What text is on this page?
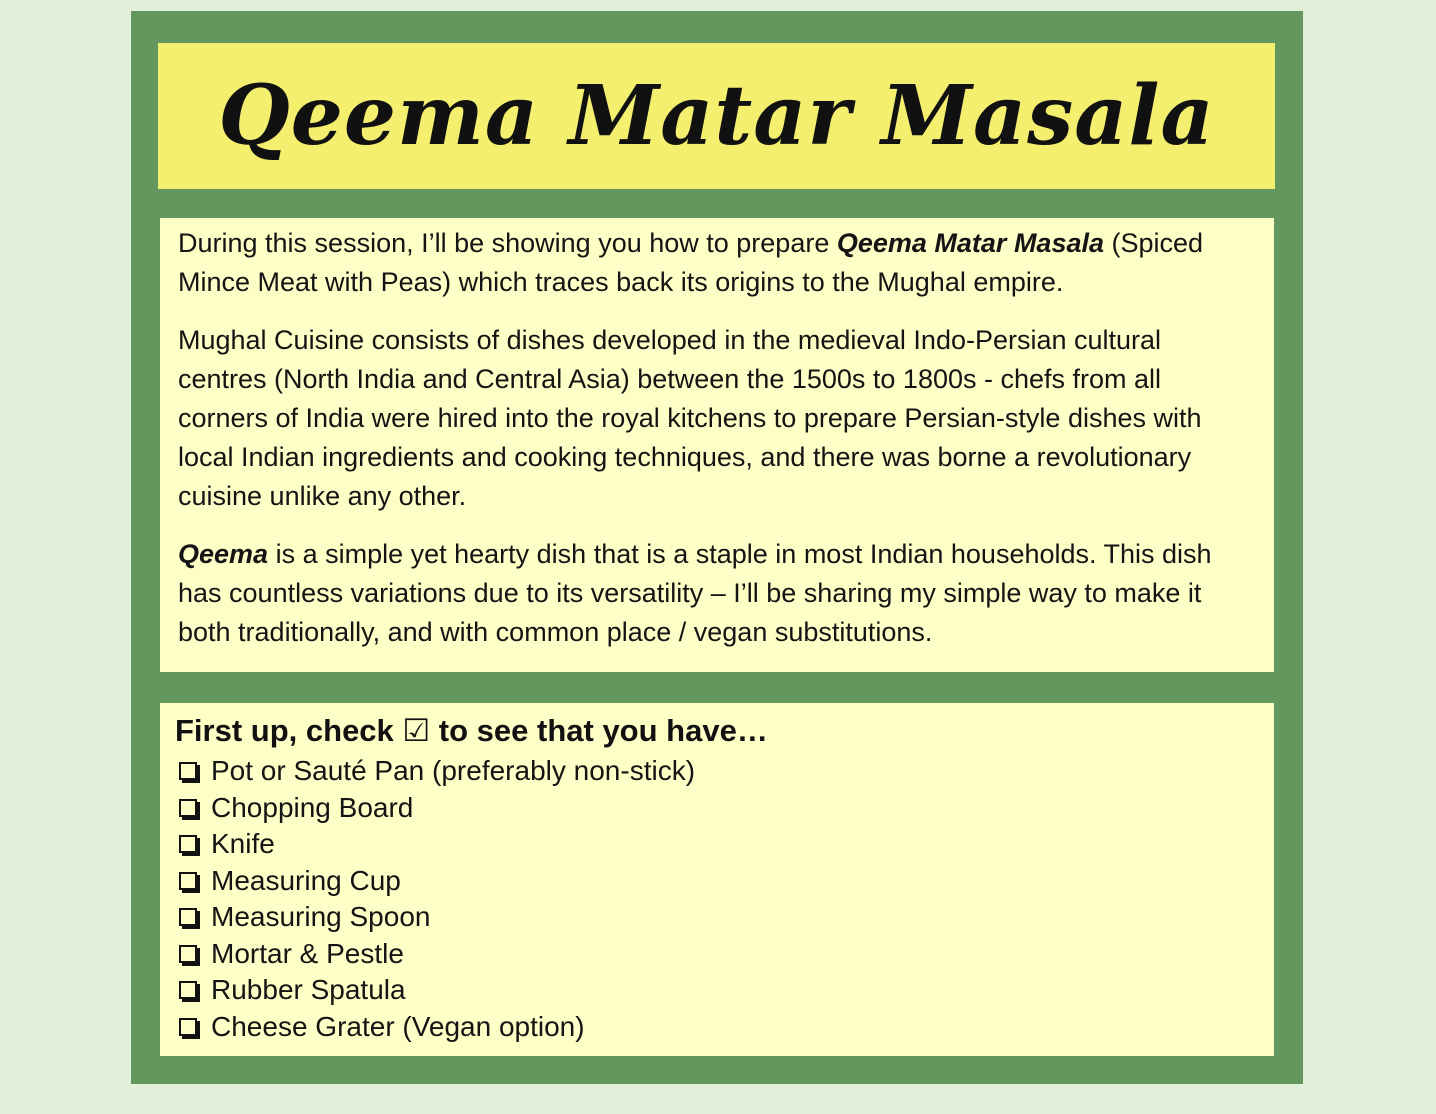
Qeema Matar Masala

During this session, I’ll be showing you how to prepare Qeema Matar Masala (Spiced Mince Meat with Peas) which traces back its origins to the Mughal empire.

Mughal Cuisine consists of dishes developed in the medieval Indo-Persian cultural centres (North India and Central Asia) between the 1500s to 1800s - chefs from all corners of India were hired into the royal kitchens to prepare Persian-style dishes with local Indian ingredients and cooking techniques, and there was borne a revolutionary cuisine unlike any other.

Qeema is a simple yet hearty dish that is a staple in most Indian households. This dish has countless variations due to its versatility – I’ll be sharing my simple way to make it both traditionally, and with common place / vegan substitutions.

First up, check ☑ to see that you have…
Pot or Sauté Pan (preferably non-stick)
Chopping Board
Knife
Measuring Cup
Measuring Spoon
Mortar & Pestle
Rubber Spatula
Cheese Grater (Vegan option)
